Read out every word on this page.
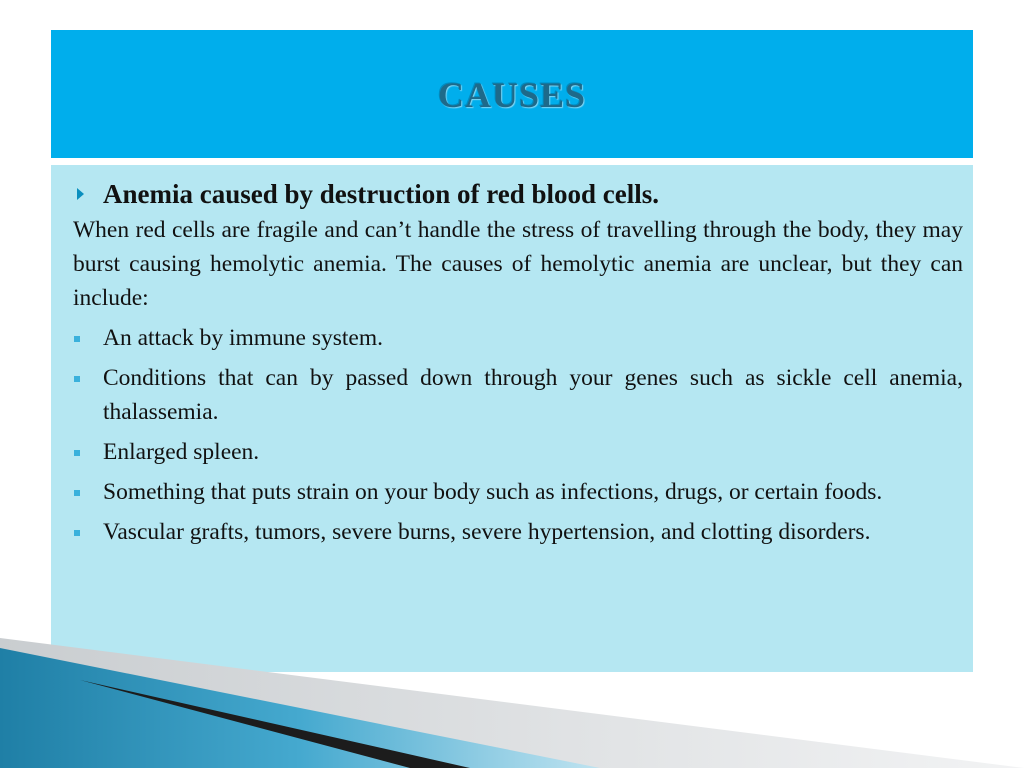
CAUSES
Anemia caused by destruction of red blood cells.

When red cells are fragile and can’t handle the stress of travelling through the body, they may burst causing hemolytic anemia. The causes of hemolytic anemia are unclear, but they can include:

An attack by immune system.
Conditions that can by passed down through your genes such as sickle cell anemia, thalassemia.
Enlarged spleen.
Something that puts strain on your body such as infections, drugs, or certain foods.
Vascular grafts, tumors, severe burns, severe hypertension, and clotting disorders.
